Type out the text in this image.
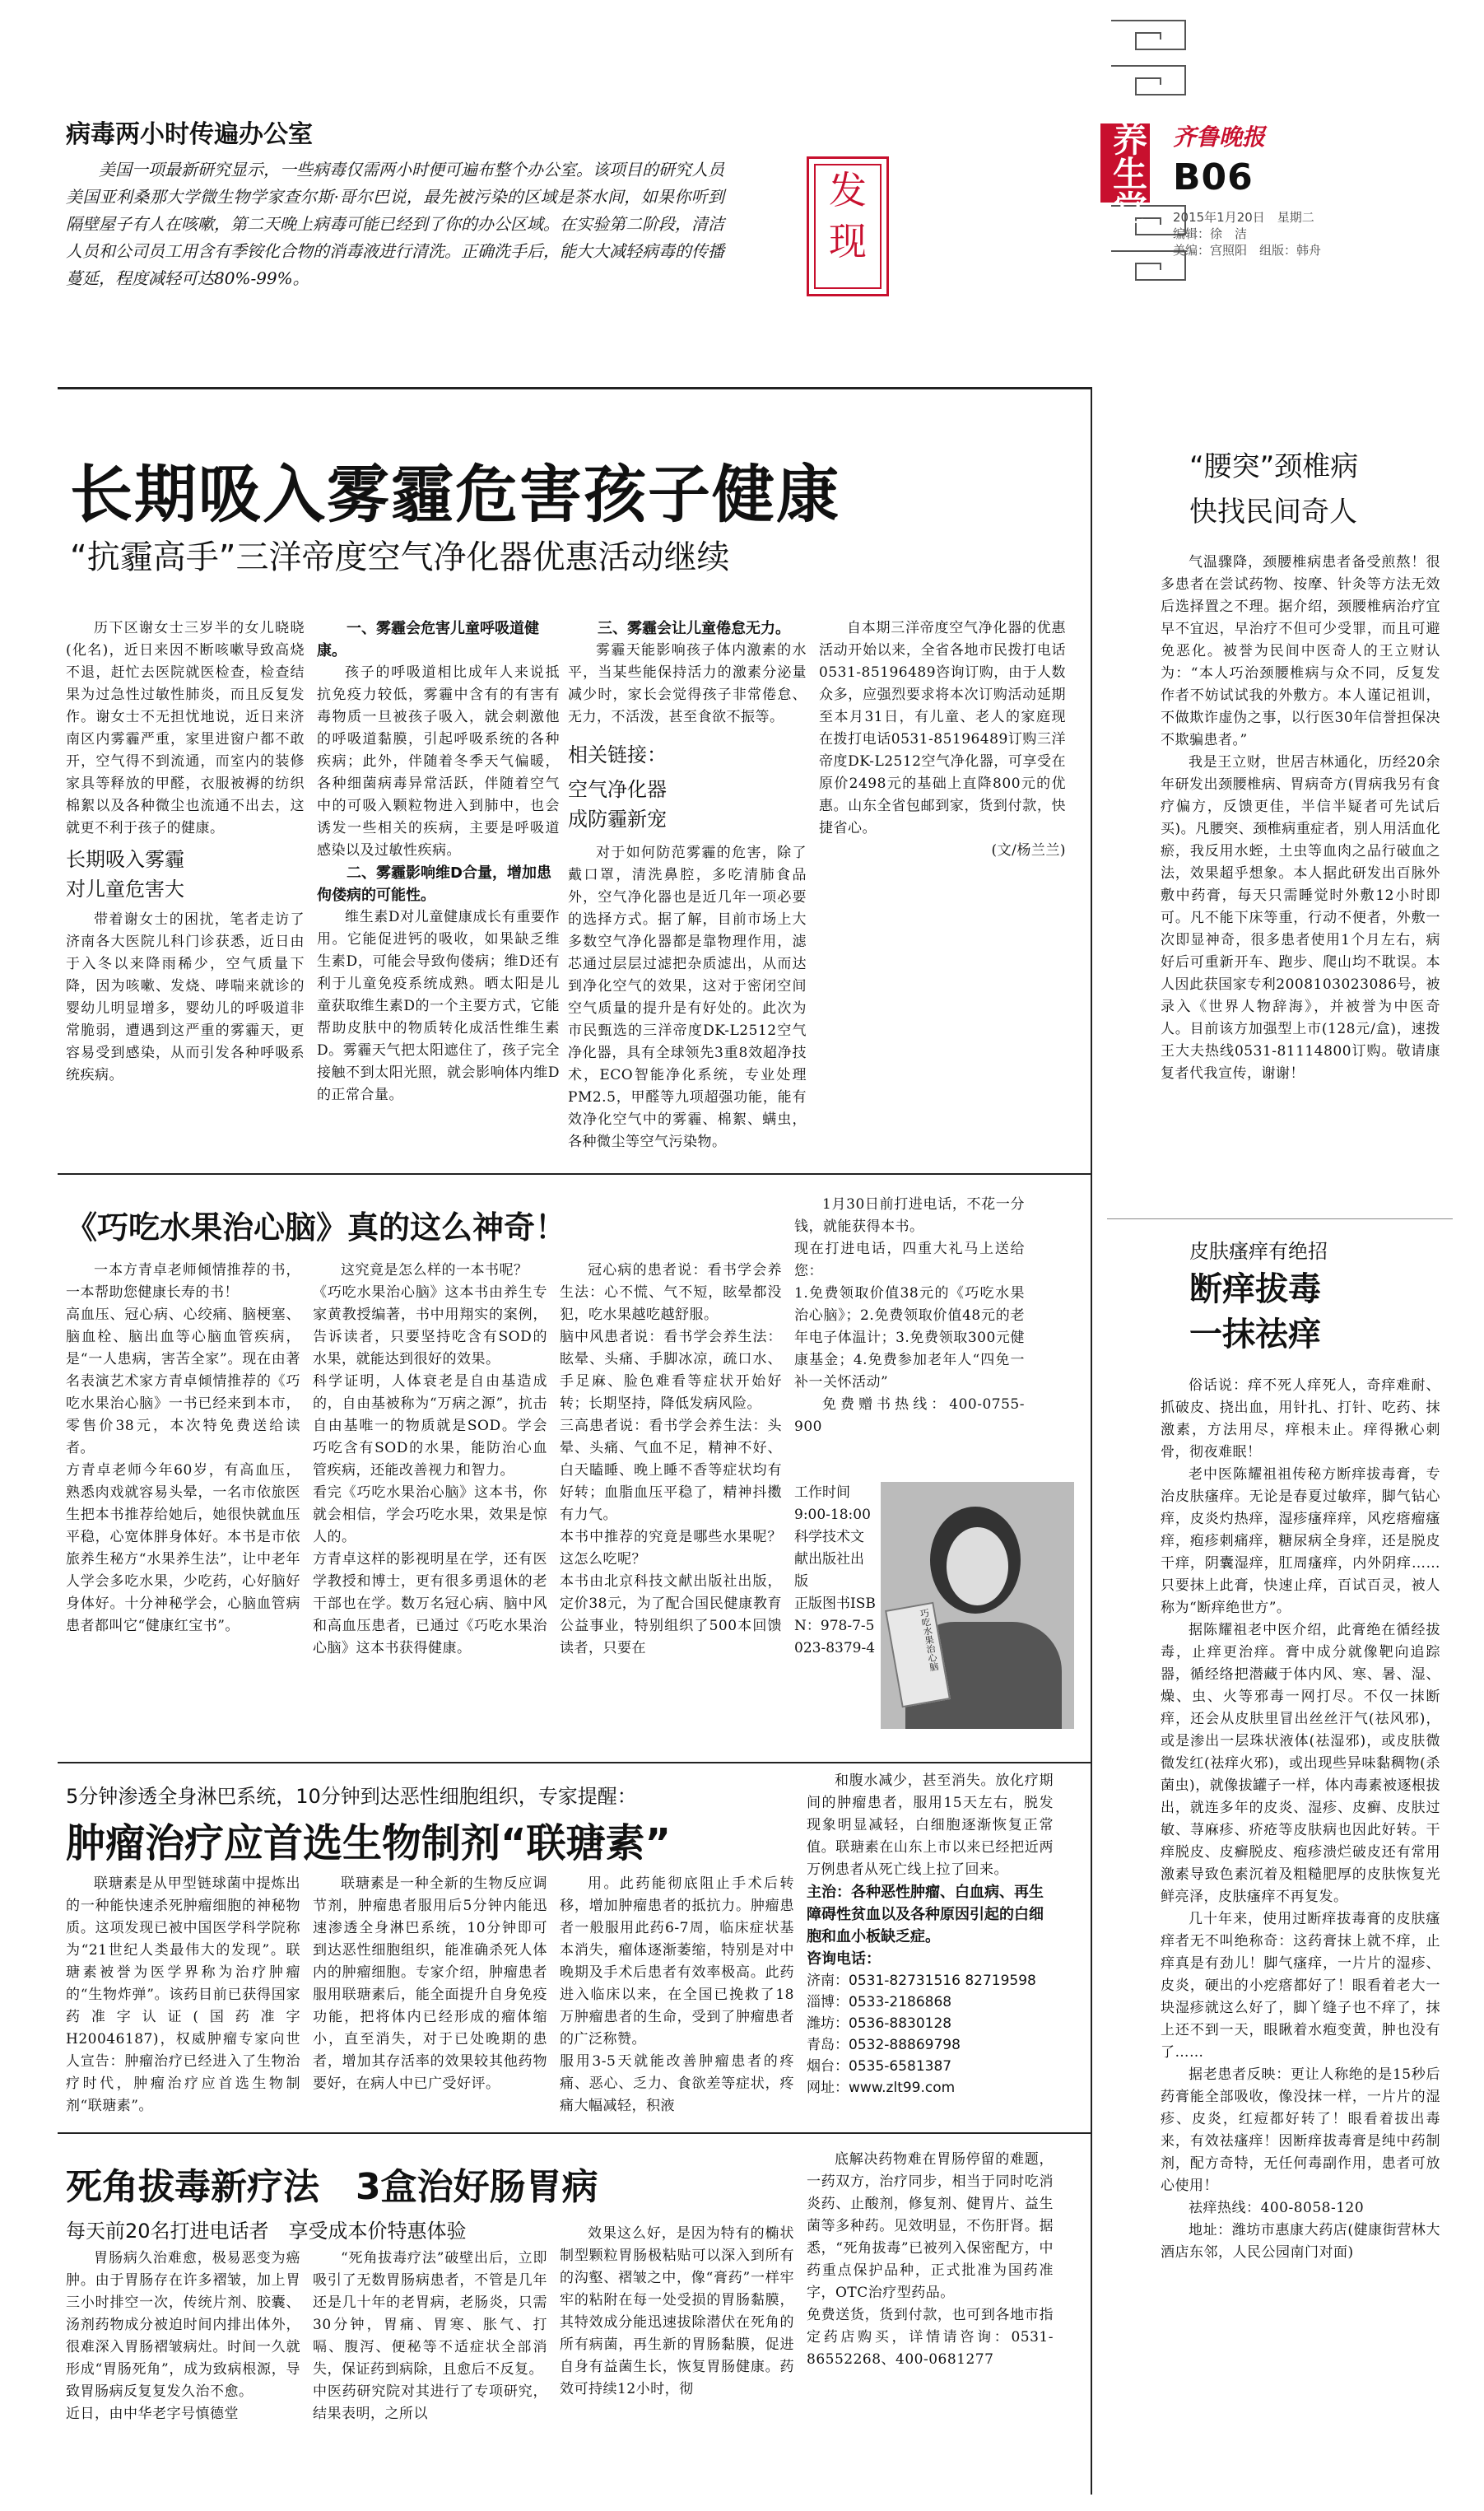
养生堂 齐鲁晚报
B06
2015年1月20日　星期二
编辑：徐　洁
美编：宫照阳　组版：韩舟
病毒两小时传遍办公室
美国一项最新研究显示，一些病毒仅需两小时便可遍布整个办公室。该项目的研究人员美国亚利桑那大学微生物学家查尔斯·哥尔巴说，最先被污染的区域是茶水间，如果你听到隔壁屋子有人在咳嗽，第二天晚上病毒可能已经到了你的办公区域。在实验第二阶段，清洁人员和公司员工用含有季铵化合物的消毒液进行清洗。正确洗手后，能大大减轻病毒的传播蔓延，程度减轻可达80%-99%。
发现
长期吸入雾霾危害孩子健康
“抗霾高手”三洋帝度空气净化器优惠活动继续

历下区谢女士三岁半的女儿晓晓(化名)，近日来因不断咳嗽导致高烧不退，赶忙去医院就医检查，检查结果为过急性过敏性肺炎，而且反复发作。谢女士不无担忧地说，近日来济南区内雾霾严重，家里进窗户都不敢开，空气得不到流通，而室内的装修家具等释放的甲醛，衣服被褥的纺织棉絮以及各种微尘也流通不出去，这就更不利于孩子的健康。

长期吸入雾霾
对儿童危害大

带着谢女士的困扰，笔者走访了济南各大医院儿科门诊获悉，近日由于入冬以来降雨稀少，空气质量下降，因为咳嗽、发烧、哮喘来就诊的婴幼儿明显增多，婴幼儿的呼吸道非常脆弱，遭遇到这严重的雾霾天，更容易受到感染，从而引发各种呼吸系统疾病。

一、雾霾会危害儿童呼吸道健康。

孩子的呼吸道相比成年人来说抵抗免疫力较低，雾霾中含有的有害有毒物质一旦被孩子吸入，就会刺激他的呼吸道黏膜，引起呼吸系统的各种疾病；此外，伴随着冬季天气偏暖，各种细菌病毒异常活跃，伴随着空气中的可吸入颗粒物进入到肺中，也会诱发一些相关的疾病，主要是呼吸道感染以及过敏性疾病。

二、雾霾影响维D合量，增加患佝偻病的可能性。

维生素D对儿童健康成长有重要作用。它能促进钙的吸收，如果缺乏维生素D，可能会导致佝偻病；维D还有利于儿童免疫系统成熟。晒太阳是儿童获取维生素D的一个主要方式，它能帮助皮肤中的物质转化成活性维生素D。雾霾天气把太阳遮住了，孩子完全接触不到太阳光照，就会影响体内维D的正常合量。

三、雾霾会让儿童倦怠无力。

雾霾天能影响孩子体内激素的水平，当某些能保持活力的激素分泌量减少时，家长会觉得孩子非常倦怠、无力，不活泼，甚至食欲不振等。

相关链接：

空气净化器

成防霾新宠

对于如何防范雾霾的危害，除了戴口罩，清洗鼻腔，多吃清肺食品外，空气净化器也是近几年一项必要的选择方式。据了解，目前市场上大多数空气净化器都是靠物理作用，滤芯通过层层过滤把杂质滤出，从而达到净化空气的效果，这对于密闭空间空气质量的提升是有好处的。此次为市民甄选的三洋帝度DK-L2512空气净化器，具有全球领先3重8效超净技术，ECO智能净化系统，专业处理PM2.5，甲醛等九项超强功能，能有效净化空气中的雾霾、棉絮、螨虫，各种微尘等空气污染物。

自本期三洋帝度空气净化器的优惠活动开始以来，全省各地市民拨打电话0531-85196489咨询订购，由于人数众多，应强烈要求将本次订购活动延期至本月31日，有儿童、老人的家庭现在拨打电话0531-85196489订购三洋帝度DK-L2512空气净化器，可享受在原价2498元的基础上直降800元的优惠。山东全省包邮到家，货到付款，快捷省心。

(文/杨兰兰)

《巧吃水果治心脑》真的这么神奇！

一本方青卓老师倾情推荐的书，一本帮助您健康长寿的书！
高血压、冠心病、心绞痛、脑梗塞、脑血栓、脑出血等心脑血管疾病，是“一人患病，害苦全家”。现在由著名表演艺术家方青卓倾情推荐的《巧吃水果治心脑》一书已经来到本市，零售价38元，本次特免费送给读者。
方青卓老师今年60岁，有高血压，熟悉肉戏就容易头晕，一名市依旅医生把本书推荐给她后，她很快就血压平稳，心宽体胖身体好。本书是市依旅养生秘方“水果养生法”，让中老年人学会多吃水果，少吃药，心好脑好身体好。十分神秘学会，心脑血管病患者都叫它“健康红宝书”。

这究竟是怎么样的一本书呢？
《巧吃水果治心脑》这本书由养生专家黄教授编著，书中用翔实的案例，告诉读者，只要坚持吃含有SOD的水果，就能达到很好的效果。
科学证明，人体衰老是自由基造成的，自由基被称为“万病之源”，抗击自由基唯一的物质就是SOD。学会巧吃含有SOD的水果，能防治心血管疾病，还能改善视力和智力。
看完《巧吃水果治心脑》这本书，你就会相信，学会巧吃水果，效果是惊人的。
方青卓这样的影视明星在学，还有医学教授和博士，更有很多勇退休的老干部也在学。数万名冠心病、脑中风和高血压患者，已通过《巧吃水果治心脑》这本书获得健康。

冠心病的患者说：看书学会养生法：心不慌、气不短，眩晕都没犯，吃水果越吃越舒服。
脑中风患者说：看书学会养生法：眩晕、头痛、手脚冰凉，疏口水、手足麻、脸色难看等症状开始好转；长期坚持，降低发病风险。
三高患者说：看书学会养生法：头晕、头痛、气血不足，精神不好、白天瞌睡、晚上睡不香等症状均有好转；血脂血压平稳了，精神抖擞有力气。
本书中推荐的究竟是哪些水果呢？这怎么吃呢？
本书由北京科技文献出版社出版，定价38元，为了配合国民健康教育公益事业，特别组织了500本回馈读者，只要在

1月30日前打进电话，不花一分钱，就能获得本书。
现在打进电话，四重大礼马上送给您：
1.免费领取价值38元的《巧吃水果治心脑》；2.免费领取价值48元的老年电子体温计；3.免费领取300元健康基金；4.免费参加老年人“四免一补一关怀活动”

免费赠书热线：400-0755-900

工作时间9:00-18:00

科学技术文献出版社出版

正版图书ISBN：978-7-5023-8379-4	巧吃水果治心脑
5分钟渗透全身淋巴系统，10分钟到达恶性细胞组织，专家提醒：
肿瘤治疗应首选生物制剂“联瑭素”

联瑭素是从甲型链球菌中提炼出的一种能快速杀死肿瘤细胞的神秘物质。这项发现已被中国医学科学院称为“21世纪人类最伟大的发现”。联瑭素被誉为医学界称为治疗肿瘤的“生物炸弹”。该药目前已获得国家药准字认证(国药准字H20046187)，权威肿瘤专家向世人宣告：肿瘤治疗已经进入了生物治疗时代，肿瘤治疗应首选生物制剂“联瑭素”。

联瑭素是一种全新的生物反应调节剂，肿瘤患者服用后5分钟内能迅速渗透全身淋巴系统，10分钟即可到达恶性细胞组织，能准确杀死人体内的肿瘤细胞。专家介绍，肿瘤患者服用联瑭素后，能全面提升自身免疫功能，把将体内已经形成的瘤体缩小，直至消失，对于已处晚期的患者，增加其存活率的效果较其他药物要好，在病人中已广受好评。

用。此药能彻底阻止手术后转移，增加肿瘤患者的抵抗力。肿瘤患者一般服用此药6-7周，临床症状基本消失，瘤体逐渐萎缩，特别是对中晚期及手术后患者有效率极高。此药进入临床以来，在全国已挽救了18万肿瘤患者的生命，受到了肿瘤患者的广泛称赞。
服用3-5天就能改善肿瘤患者的疼痛、恶心、乏力、食欲差等症状，疼痛大幅减轻，积液

和腹水减少，甚至消失。放化疗期间的肿瘤患者，服用15天左右，脱发现象明显减轻，白细胞逐渐恢复正常值。联瑭素在山东上市以来已经把近两万例患者从死亡线上拉了回来。

主治：各种恶性肿瘤、白血病、再生障碍性贫血以及各种原因引起的白细胞和血小板缺乏症。

咨询电话：

济南：0531-82731516 82719598

淄博：0533-2186868

潍坊：0536-8830128

青岛：0532-88869798

烟台：0535-6581387

网址：www.zlt99.com

死角拔毒新疗法　3盒治好肠胃病
每天前20名打进电话者　享受成本价特惠体验

胃肠病久治难愈，极易恶变为癌肿。由于胃肠存在许多褶皱，加上胃三小时排空一次，传统片剂、胶囊、汤剂药物成分被迫时间内排出体外，很难深入胃肠褶皱病灶。时间一久就形成“胃肠死角”，成为致病根源，导致胃肠病反复复发久治不愈。
近日，由中华老字号慎德堂

“死角拔毒疗法”破壁出后，立即吸引了无数胃肠病患者，不管是几年还是几十年的老胃病，老肠炎，只需30分钟，胃痛、胃寒、胀气、打嗝、腹泻、便秘等不适症状全部消失，保证药到病除，且愈后不反复。
中医药研究院对其进行了专项研究，结果表明，之所以

效果这么好，是因为特有的椭状制型颗粒胃肠极粘贴可以深入到所有的沟壑、褶皱之中，像“膏药”一样牢牢的粘附在每一处受损的胃肠黏膜，其特效成分能迅速拔除潜伏在死角的所有病菌，再生新的胃肠黏膜，促进自身有益菌生长，恢复胃肠健康。药效可持续12小时，彻

底解决药物难在胃肠停留的难题，一药双方，治疗同步，相当于同时吃消炎药、止酸剂，修复剂、健胃片、益生菌等多种药。见效明显，不伤肝肾。据悉，“死角拔毒”已被列入保密配方，中药重点保护品种，正式批准为国药准字，OTC治疗型药品。
免费送货，货到付款，也可到各地市指定药店购买，详情请咨询：0531-86552268、400-0681277

“腰突”颈椎病
快找民间奇人

气温骤降，颈腰椎病患者备受煎熬！很多患者在尝试药物、按摩、针灸等方法无效后选择置之不理。据介绍，颈腰椎病治疗宜早不宜迟，早治疗不但可少受罪，而且可避免恶化。被誉为民间中医奇人的王立财认为：“本人巧治颈腰椎病与众不同，反复发作者不妨试试我的外敷方。本人谨记祖训，不做欺诈虚伪之事，以行医30年信誉担保决不欺骗患者。”

我是王立财，世居吉林通化，历经20余年研发出颈腰椎病、胃病奇方(胃病我另有食疗偏方，反馈更佳，半信半疑者可先试后买)。凡腰突、颈椎病重症者，别人用活血化瘀，我反用水蛭，土虫等血肉之品行破血之法，效果超乎想象。本人据此研发出百脉外敷中药膏，每天只需睡觉时外敷12小时即可。凡不能下床等重，行动不便者，外敷一次即显神奇，很多患者使用1个月左右，病好后可重新开车、跑步、爬山均不耽误。本人因此获国家专利2008103023086号，被录入《世界人物辞海》，并被誉为中医奇人。目前该方加强型上市(128元/盒)，速拨王大夫热线0531-81114800订购。敬请康复者代我宣传，谢谢！

皮肤瘙痒有绝招
断痒拔毒
一抹祛痒

俗话说：痒不死人痒死人，奇痒难耐、抓破皮、挠出血，用针扎、打针、吃药、抹激素，方法用尽，痒根未止。痒得揪心刺骨，彻夜难眠！

老中医陈耀祖祖传秘方断痒拔毒膏，专治皮肤瘙痒。无论是春夏过敏痒，脚气钻心痒，皮炎灼热痒，湿疹瘙痒痒，风疙瘩瘤瘙痒，疱疹刺痛痒，糖尿病全身痒，还是脱皮干痒，阴囊湿痒，肛周瘙痒，内外阴痒……只要抹上此膏，快速止痒，百试百灵，被人称为“断痒绝世方”。

据陈耀祖老中医介绍，此膏绝在循经拔毒，止痒更治痒。膏中成分就像靶向追踪器，循经络把潜藏于体内风、寒、暑、湿、燥、虫、火等邪毒一网打尽。不仅一抹断痒，还会从皮肤里冒出丝丝汗气(祛风邪)，或是渗出一层珠状液体(祛湿邪)，或皮肤微微发红(祛痒火邪)，或出现些异味黏稠物(杀菌虫)，就像拔罐子一样，体内毒素被逐根拔出，就连多年的皮炎、湿疹、皮癣、皮肤过敏、荨麻疹、疥疮等皮肤病也因此好转。干痒脱皮、皮癣脱皮、疱疹溃烂破皮还有常用激素导致色素沉着及粗糙肥厚的皮肤恢复光鲜亮泽，皮肤瘙痒不再复发。

几十年来，使用过断痒拔毒膏的皮肤瘙痒者无不叫绝称奇：这药膏抹上就不痒，止痒真是有劲儿！脚气瘙痒，一片片的湿疹、皮炎，硬出的小疙瘩都好了！眼看着老大一块湿疹就这么好了，脚丫缝子也不痒了，抹上还不到一天，眼瞅着水疱变黄，肿也没有了……

据老患者反映：更让人称绝的是15秒后药膏能全部吸收，像没抹一样，一片片的湿疹、皮炎，红痘都好转了！眼看着拔出毒来，有效祛瘙痒！因断痒拔毒膏是纯中药制剂，配方奇特，无任何毒副作用，患者可放心使用！

祛痒热线：400-8058-120

地址：潍坊市惠康大药店(健康街营林大酒店东邻，人民公园南门对面)
